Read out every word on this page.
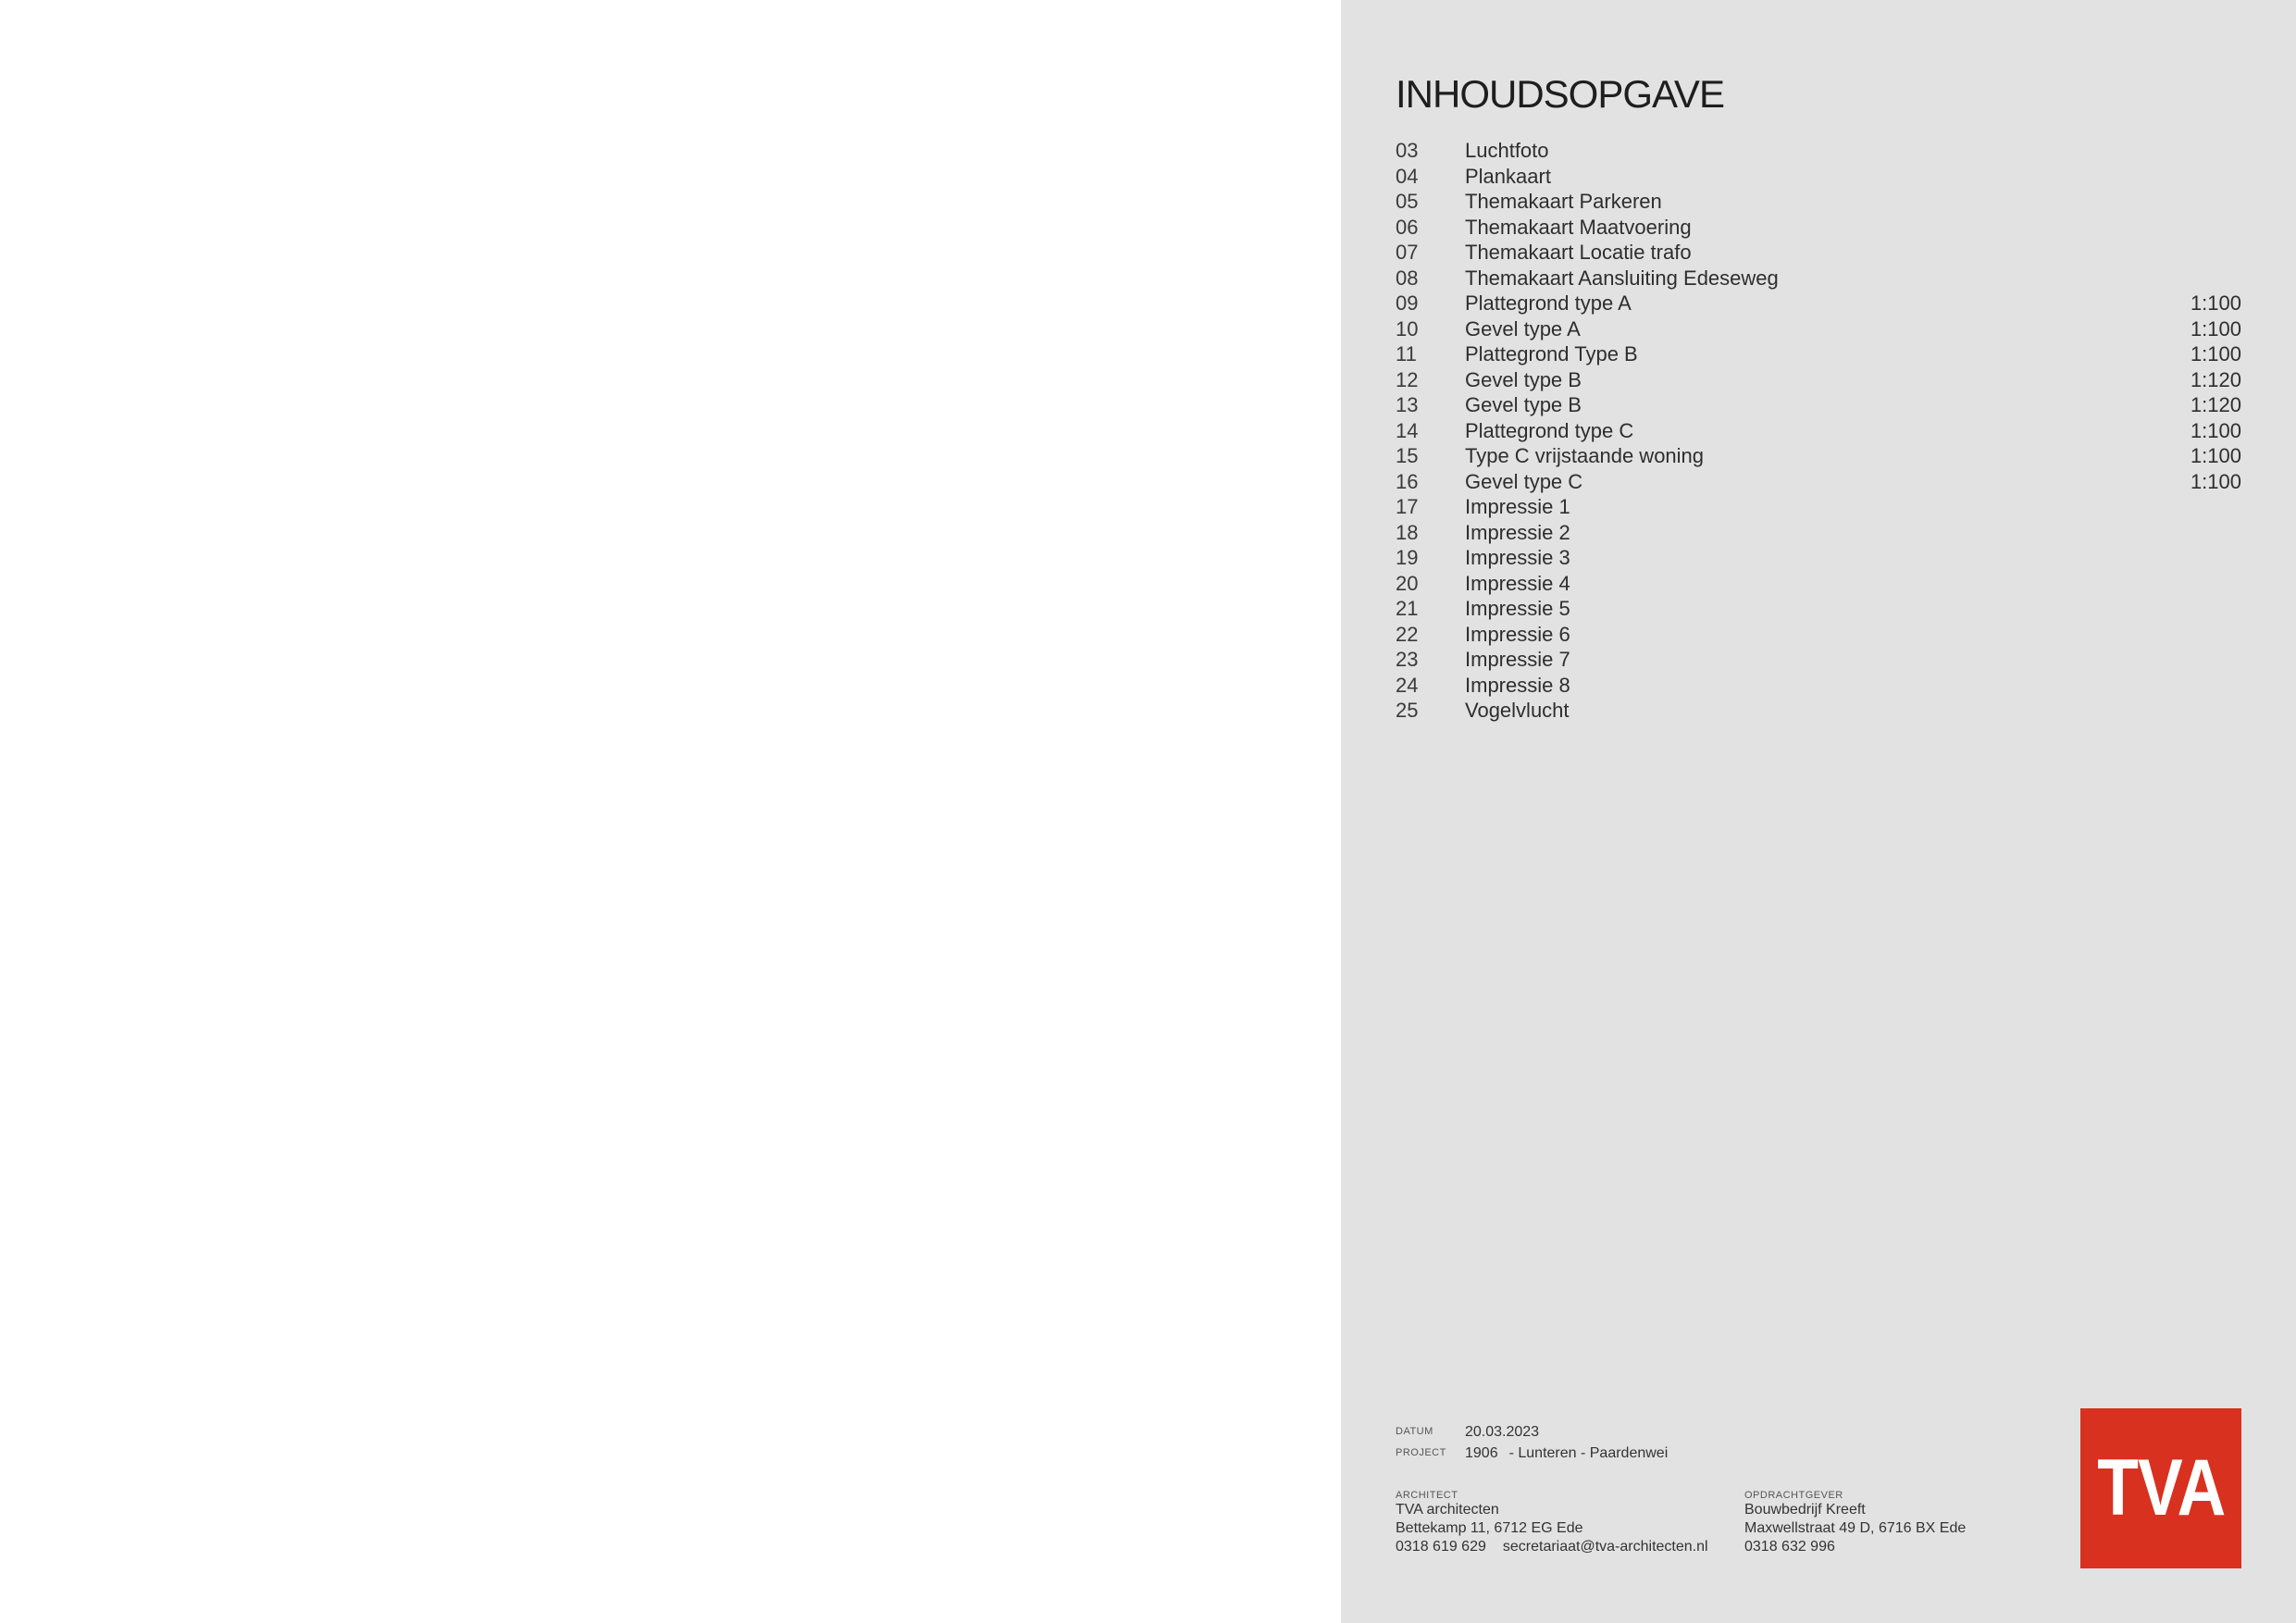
INHOUDSOPGAVE
03 Luchtfoto
04 Plankaart
05 Themakaart Parkeren
06 Themakaart Maatvoering
07 Themakaart Locatie trafo
08 Themakaart Aansluiting Edeseweg
09 Plattegrond type A	1:100
10 Gevel type A	1:100
11 Plattegrond Type B	1:100
12 Gevel type B	1:120
13 Gevel type B	1:120
14 Plattegrond type C	1:100
15 Type C vrijstaande woning	1:100
16 Gevel type C	1:100
17 Impressie 1
18 Impressie 2
19 Impressie 3
20 Impressie 4
21 Impressie 5
22 Impressie 6
23 Impressie 7
24 Impressie 8
25 Vogelvlucht
DATUM 20.03.2023
PROJECT 1906 - Lunteren - Paardenwei
ARCHITECT
TVA architecten
Bettekamp 11, 6712 EG Ede
0318 619 629 secretariaat@tva-architecten.nl
OPDRACHTGEVER
Bouwbedrijf Kreeft
Maxwellstraat 49 D, 6716 BX Ede
0318 632 996
TVA
